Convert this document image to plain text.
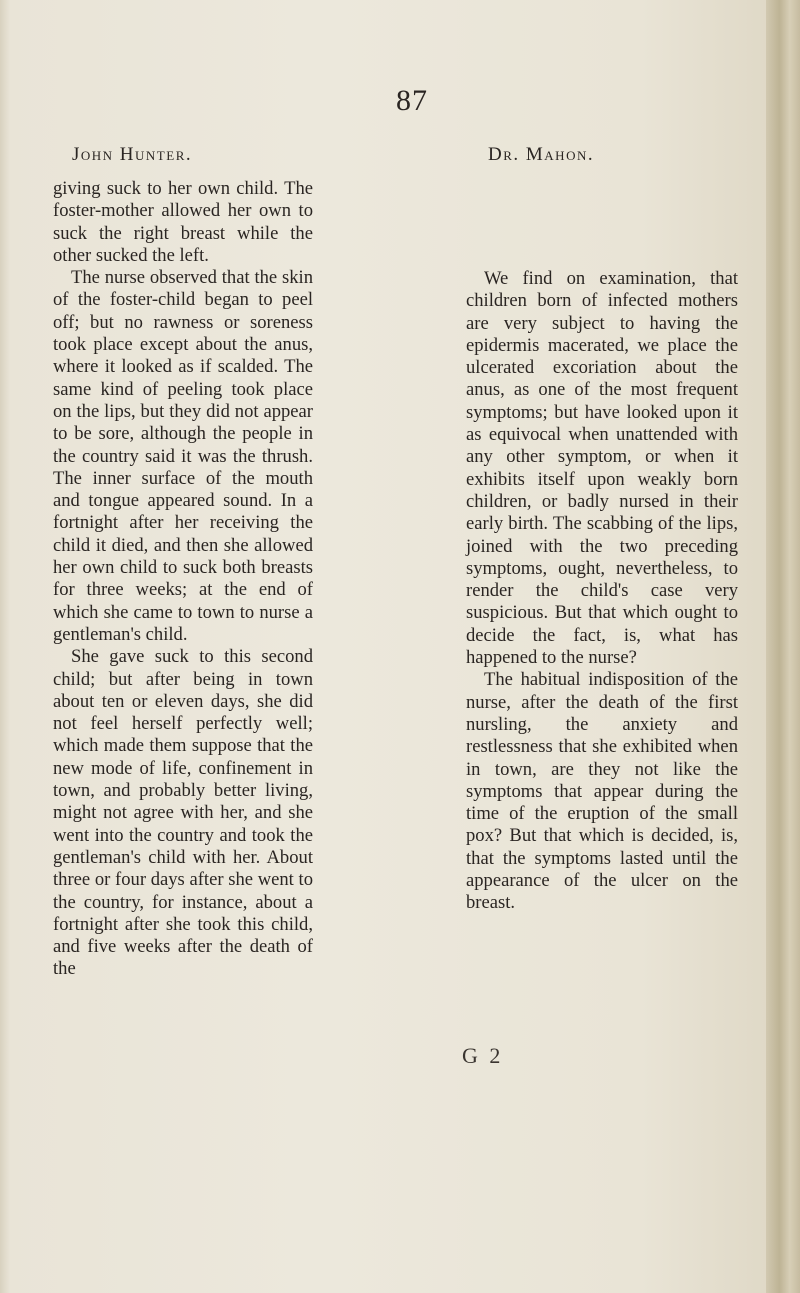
87
John Hunter.	Dr. Mahon.

giving suck to her own child. The foster-mother allowed her own to suck the right breast while the other sucked the left.

The nurse observed that the skin of the foster-child began to peel off; but no rawness or soreness took place except about the anus, where it looked as if scalded. The same kind of peeling took place on the lips, but they did not appear to be sore, although the people in the country said it was the thrush. The inner surface of the mouth and tongue appeared sound. In a fortnight after her receiving the child it died, and then she allowed her own child to suck both breasts for three weeks; at the end of which she came to town to nurse a gentleman's child.

She gave suck to this second child; but after being in town about ten or eleven days, she did not feel herself perfectly well; which made them suppose that the new mode of life, confinement in town, and probably better living, might not agree with her, and she went into the country and took the gentleman's child with her. About three or four days after she went to the country, for instance, about a fortnight after she took this child, and five weeks after the death of the

We find on examination, that children born of infected mothers are very subject to having the epidermis macerated, we place the ulcerated excoriation about the anus, as one of the most frequent symptoms; but have looked upon it as equivocal when unattended with any other symptom, or when it exhibits itself upon weakly born children, or badly nursed in their early birth. The scabbing of the lips, joined with the two preceding symptoms, ought, nevertheless, to render the child's case very suspicious. But that which ought to decide the fact, is, what has happened to the nurse?

The habitual indisposition of the nurse, after the death of the first nursling, the anxiety and restlessness that she exhibited when in town, are they not like the symptoms that appear during the time of the eruption of the small pox? But that which is decided, is, that the symptoms lasted until the appearance of the ulcer on the breast.

G 2
